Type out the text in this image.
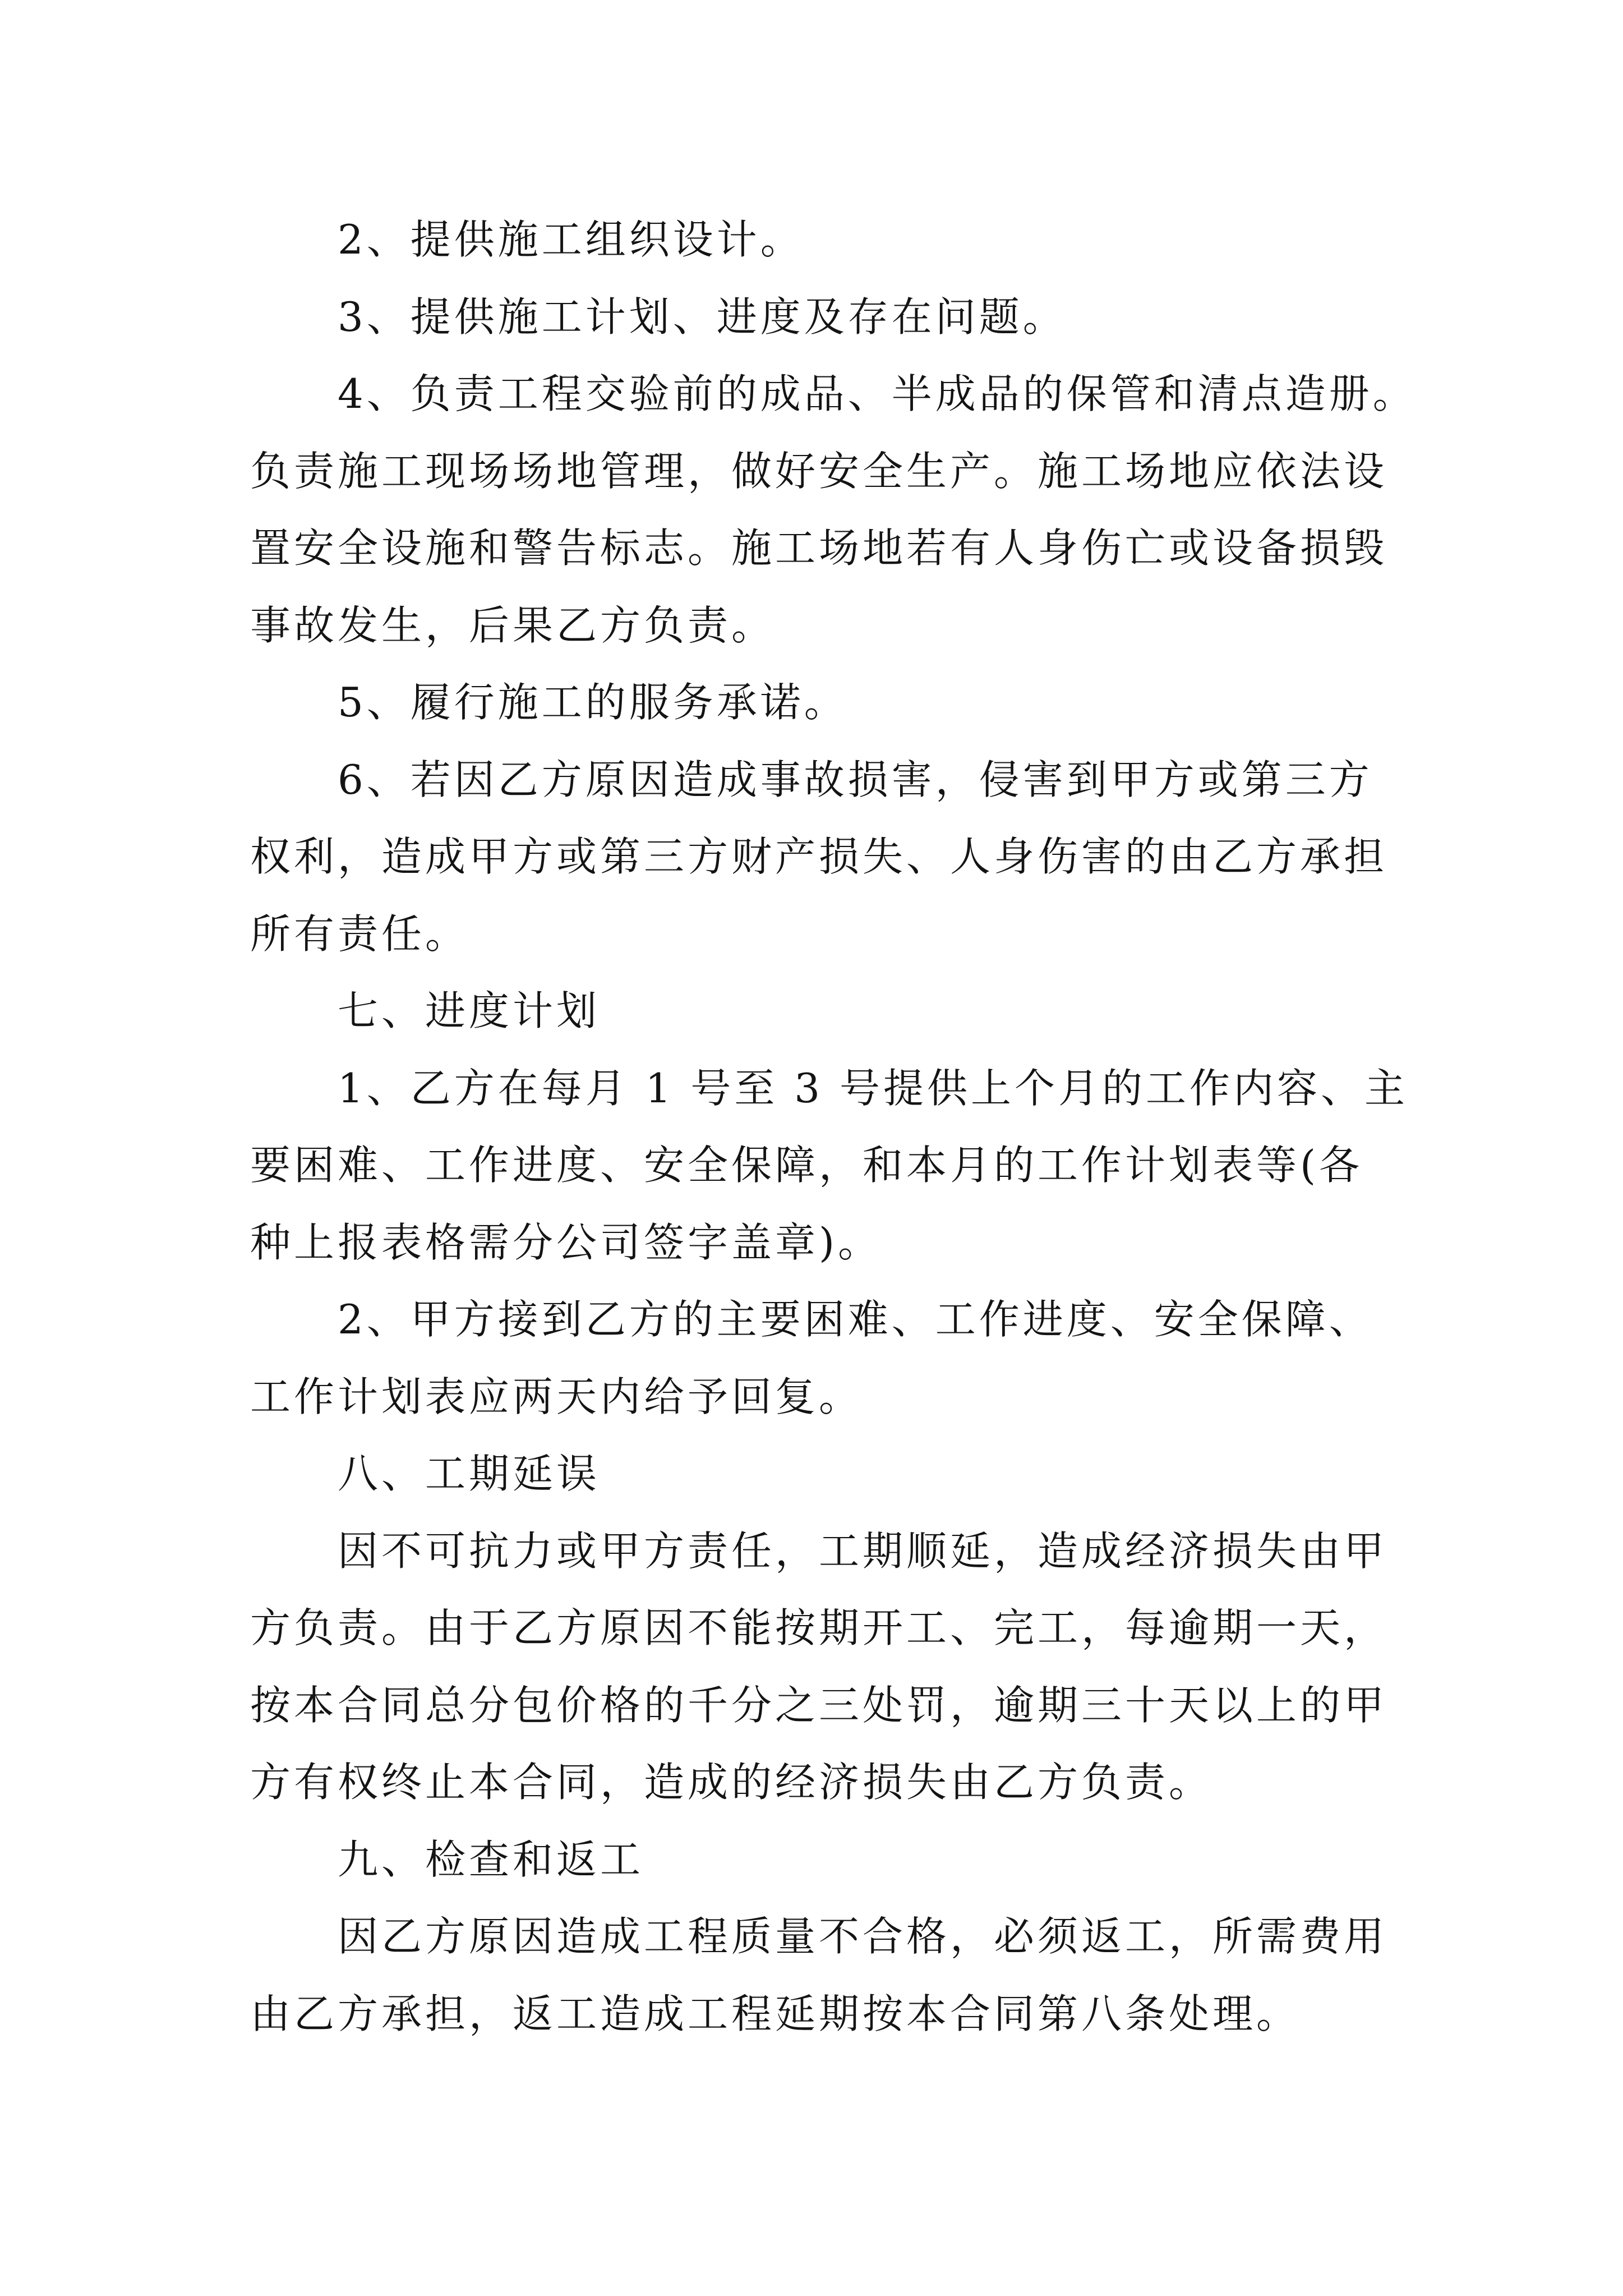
2、提供施工组织设计。
3、提供施工计划、进度及存在问题。
4、负责工程交验前的成品、半成品的保管和清点造册。
负责施工现场场地管理，做好安全生产。施工场地应依法设
置安全设施和警告标志。施工场地若有人身伤亡或设备损毁
事故发生，后果乙方负责。
5、履行施工的服务承诺。
6、若因乙方原因造成事故损害，侵害到甲方或第三方
权利，造成甲方或第三方财产损失、人身伤害的由乙方承担
所有责任。
七、进度计划
1、乙方在每月 1 号至 3 号提供上个月的工作内容、主
要困难、工作进度、安全保障，和本月的工作计划表等(各
种上报表格需分公司签字盖章)。
2、甲方接到乙方的主要困难、工作进度、安全保障、
工作计划表应两天内给予回复。
八、工期延误
因不可抗力或甲方责任，工期顺延，造成经济损失由甲
方负责。由于乙方原因不能按期开工、完工，每逾期一天，
按本合同总分包价格的千分之三处罚，逾期三十天以上的甲
方有权终止本合同，造成的经济损失由乙方负责。
九、检查和返工
因乙方原因造成工程质量不合格，必须返工，所需费用
由乙方承担，返工造成工程延期按本合同第八条处理。
